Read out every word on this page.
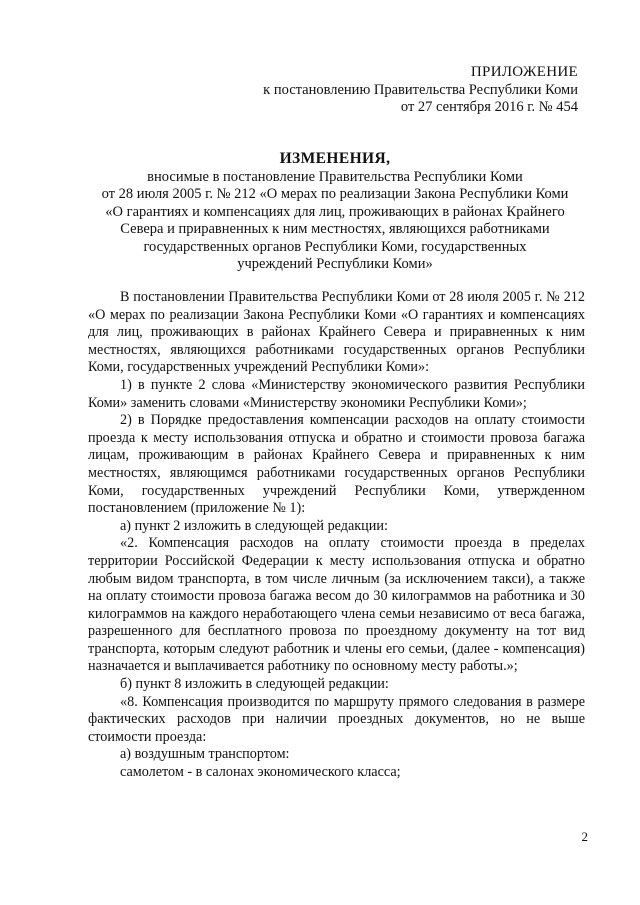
ПРИЛОЖЕНИЕ
к постановлению Правительства Республики Коми
от 27 сентября 2016 г. № 454
ИЗМЕНЕНИЯ,
вносимые в постановление Правительства Республики Коми
от 28 июля 2005 г. № 212 «О мерах по реализации Закона Республики Коми
«О гарантиях и компенсациях для лиц, проживающих в районах Крайнего
Севера и приравненных к ним местностях, являющихся работниками
государственных органов Республики Коми, государственных
учреждений Республики Коми»

В постановлении Правительства Республики Коми от 28 июля 2005 г. № 212 «О мерах по реализации Закона Республики Коми «О гарантиях и компенсациях для лиц, проживающих в районах Крайнего Севера и приравненных к ним местностях, являющихся работниками государственных органов Республики Коми, государственных учреждений Республики Коми»:

1) в пункте 2 слова «Министерству экономического развития Республики Коми» заменить словами «Министерству экономики Республики Коми»;

2) в Порядке предоставления компенсации расходов на оплату стоимости проезда к месту использования отпуска и обратно и стоимости провоза багажа лицам, проживающим в районах Крайнего Севера и приравненных к ним местностях, являющимся работниками государственных органов Республики Коми, государственных учреждений Республики Коми, утвержденном постановлением (приложение № 1):

а) пункт 2 изложить в следующей редакции:

«2. Компенсация расходов на оплату стоимости проезда в пределах территории Российской Федерации к месту использования отпуска и обратно любым видом транспорта, в том числе личным (за исключением такси), а также на оплату стоимости провоза багажа весом до 30 килограммов на работника и 30 килограммов на каждого неработающего члена семьи независимо от веса багажа, разрешенного для бесплатного провоза по проездному документу на тот вид транспорта, которым следуют работник и члены его семьи, (далее - компенсация) назначается и выплачивается работнику по основному месту работы.»;

б) пункт 8 изложить в следующей редакции:

«8. Компенсация производится по маршруту прямого следования в размере фактических расходов при наличии проездных документов, но не выше стоимости проезда:

а) воздушным транспортом:

самолетом - в салонах экономического класса;

2
